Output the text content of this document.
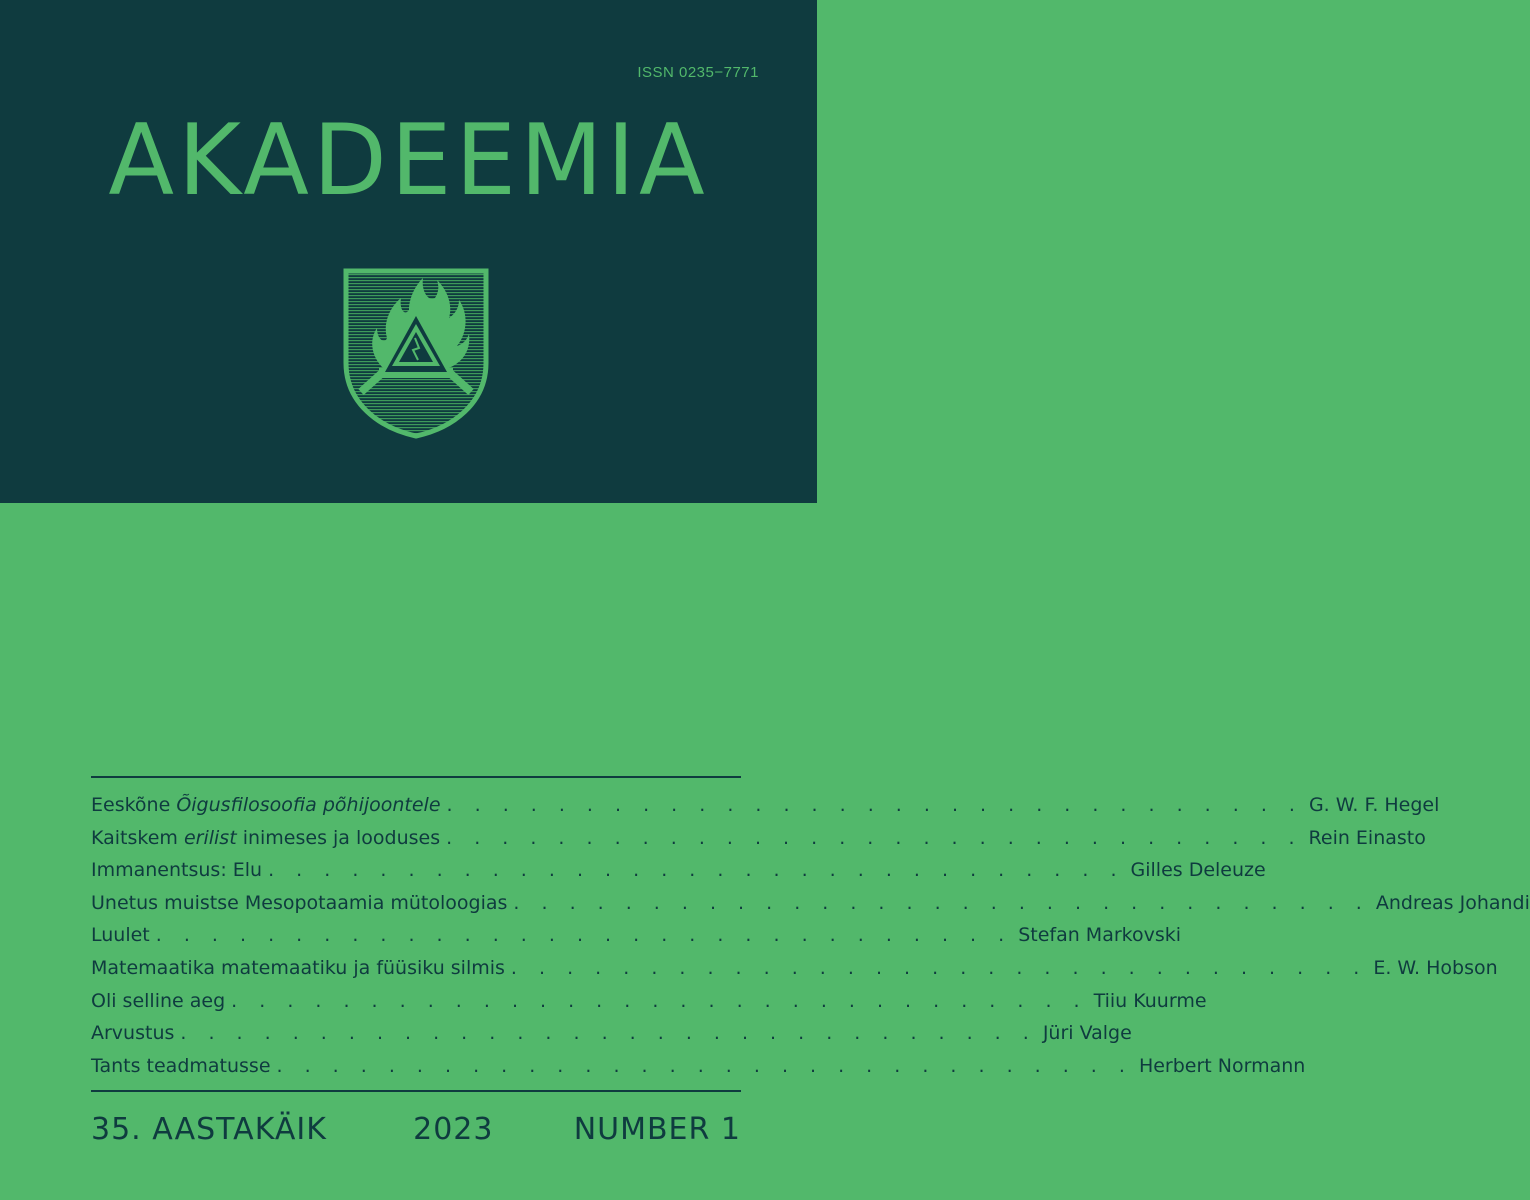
ISSN 0235−7771
AKADEEMIA
Eeskõne Õigusfilosoofia põhijoontele . . . . . . . . . . . . . . . . . . . . . . . . . . . . . . . G. W. F. Hegel
Kaitskem erilist inimeses ja looduses . . . . . . . . . . . . . . . . . . . . . . . . . . . . . . . Rein Einasto
Immanentsus: Elu . . . . . . . . . . . . . . . . . . . . . . . . . . . . . . . Gilles Deleuze
Unetus muistse Mesopotaamia mütoloogias . . . . . . . . . . . . . . . . . . . . . . . . . . . . . . . Andreas Johandi
Luulet . . . . . . . . . . . . . . . . . . . . . . . . . . . . . . . Stefan Markovski
Matemaatika matemaatiku ja füüsiku silmis . . . . . . . . . . . . . . . . . . . . . . . . . . . . . . . E. W. Hobson
Oli selline aeg . . . . . . . . . . . . . . . . . . . . . . . . . . . . . . . Tiiu Kuurme
Arvustus . . . . . . . . . . . . . . . . . . . . . . . . . . . . . . . Jüri Valge
Tants teadmatusse . . . . . . . . . . . . . . . . . . . . . . . . . . . . . . . Herbert Normann
35. AASTAKÄIK	2023	NUMBER 1
